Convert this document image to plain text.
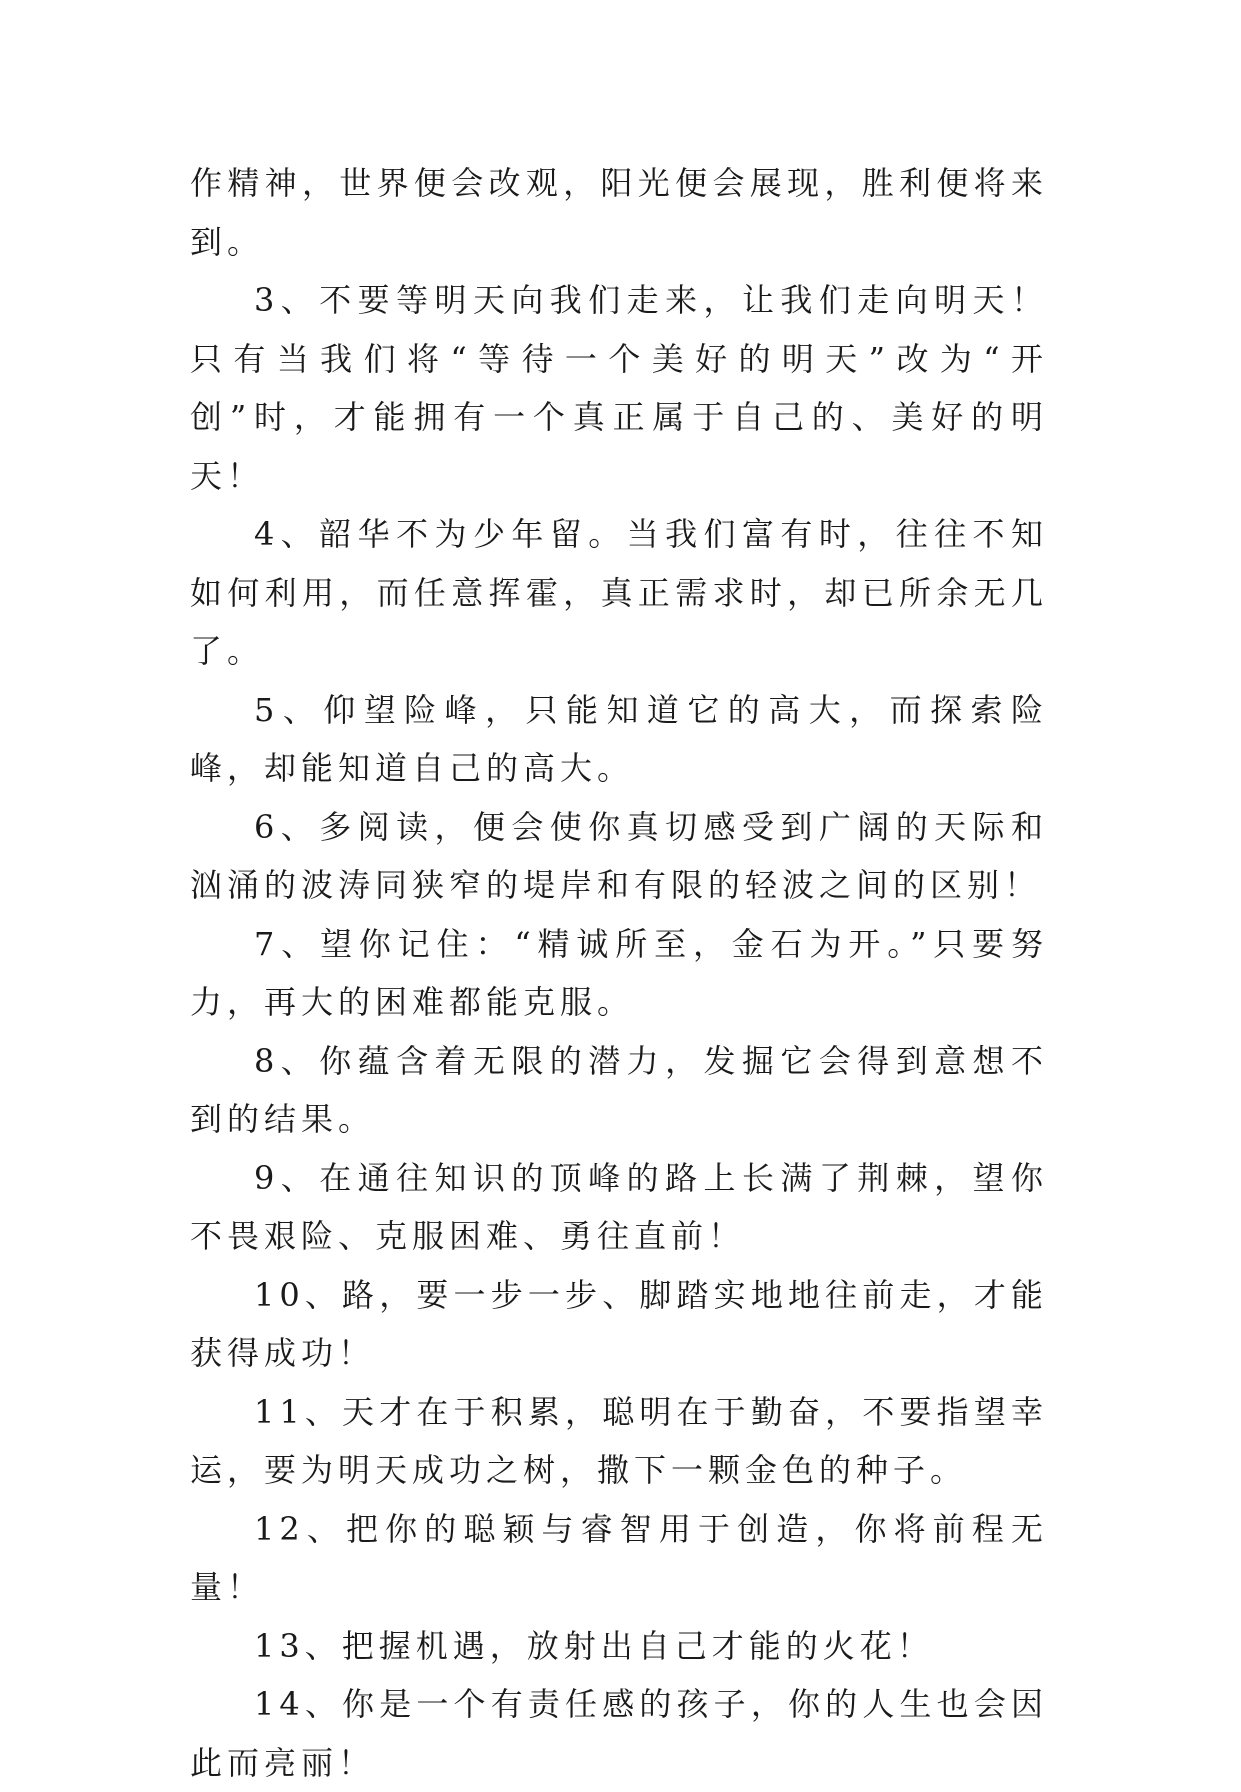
作精神，世界便会改观，阳光便会展现，胜利便将来到。

3、不要等明天向我们走来，让我们走向明天！只有当我们将“等待一个美好的明天”改为“开创”时，才能拥有一个真正属于自己的、美好的明天！

4、韶华不为少年留。当我们富有时，往往不知如何利用，而任意挥霍，真正需求时，却已所余无几了。

5、仰望险峰，只能知道它的高大，而探索险峰，却能知道自己的高大。

6、多阅读，便会使你真切感受到广阔的天际和汹涌的波涛同狭窄的堤岸和有限的轻波之间的区别！

7、望你记住：“精诚所至，金石为开。”只要努力，再大的困难都能克服。

8、你蕴含着无限的潜力，发掘它会得到意想不到的结果。

9、在通往知识的顶峰的路上长满了荆棘，望你不畏艰险、克服困难、勇往直前！

10、路，要一步一步、脚踏实地地往前走，才能获得成功！

11、天才在于积累，聪明在于勤奋，不要指望幸运，要为明天成功之树，撒下一颗金色的种子。

12、把你的聪颖与睿智用于创造，你将前程无量！

13、把握机遇，放射出自己才能的火花！

14、你是一个有责任感的孩子，你的人生也会因此而亮丽！
